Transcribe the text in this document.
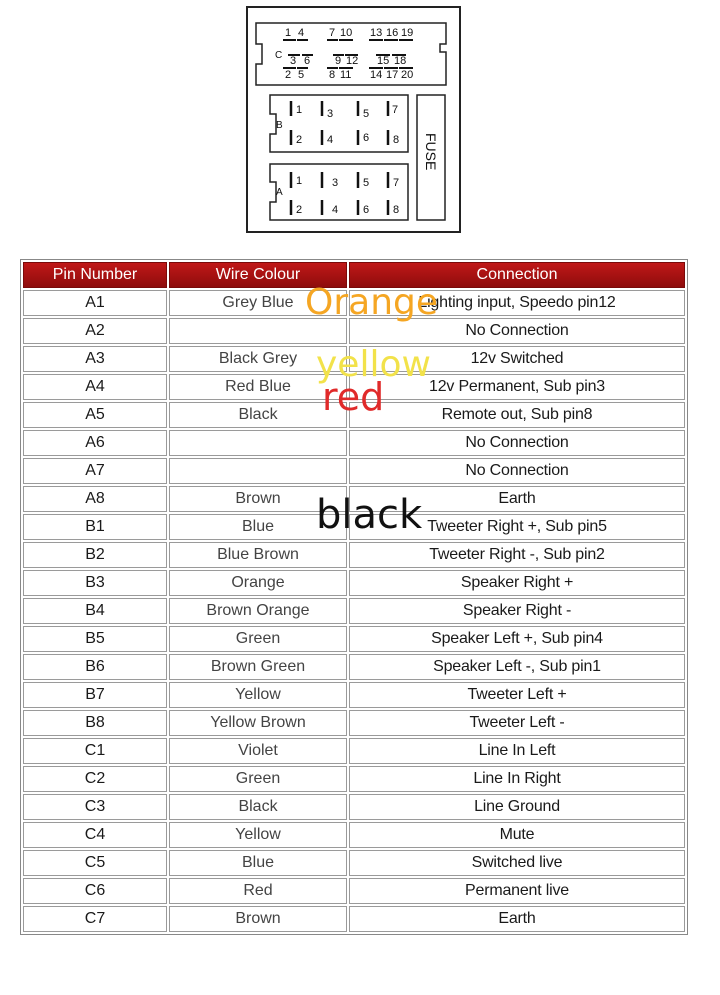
C
1 4 7 10 13 16 19
3 6 9 12 15 18
2 5 8 11 14 17 20
B
1 3	5 7
2 4	6 8
A
1	3 5 7
2	4 6 8
FUSE
Pin Number	Wire Colour	Connection
A1	Grey Blue	Lighting input, Speedo pin12
A2		No Connection
A3	Black Grey	12v Switched
A4	Red Blue	12v Permanent, Sub pin3
A5	Black	Remote out, Sub pin8
A6		No Connection
A7		No Connection
A8	Brown	Earth
B1	Blue	Tweeter Right +, Sub pin5
B2	Blue Brown	Tweeter Right -, Sub pin2
B3	Orange	Speaker Right +
B4	Brown Orange	Speaker Right -
B5	Green	Speaker Left +, Sub pin4
B6	Brown Green	Speaker Left -, Sub pin1
B7	Yellow	Tweeter Left +
B8	Yellow Brown	Tweeter Left -
C1	Violet	Line In Left
C2	Green	Line In Right
C3	Black	Line Ground
C4	Yellow	Mute
C5	Blue	Switched live
C6	Red	Permanent live
C7	Brown	Earth
Orange
yellow
red
black
